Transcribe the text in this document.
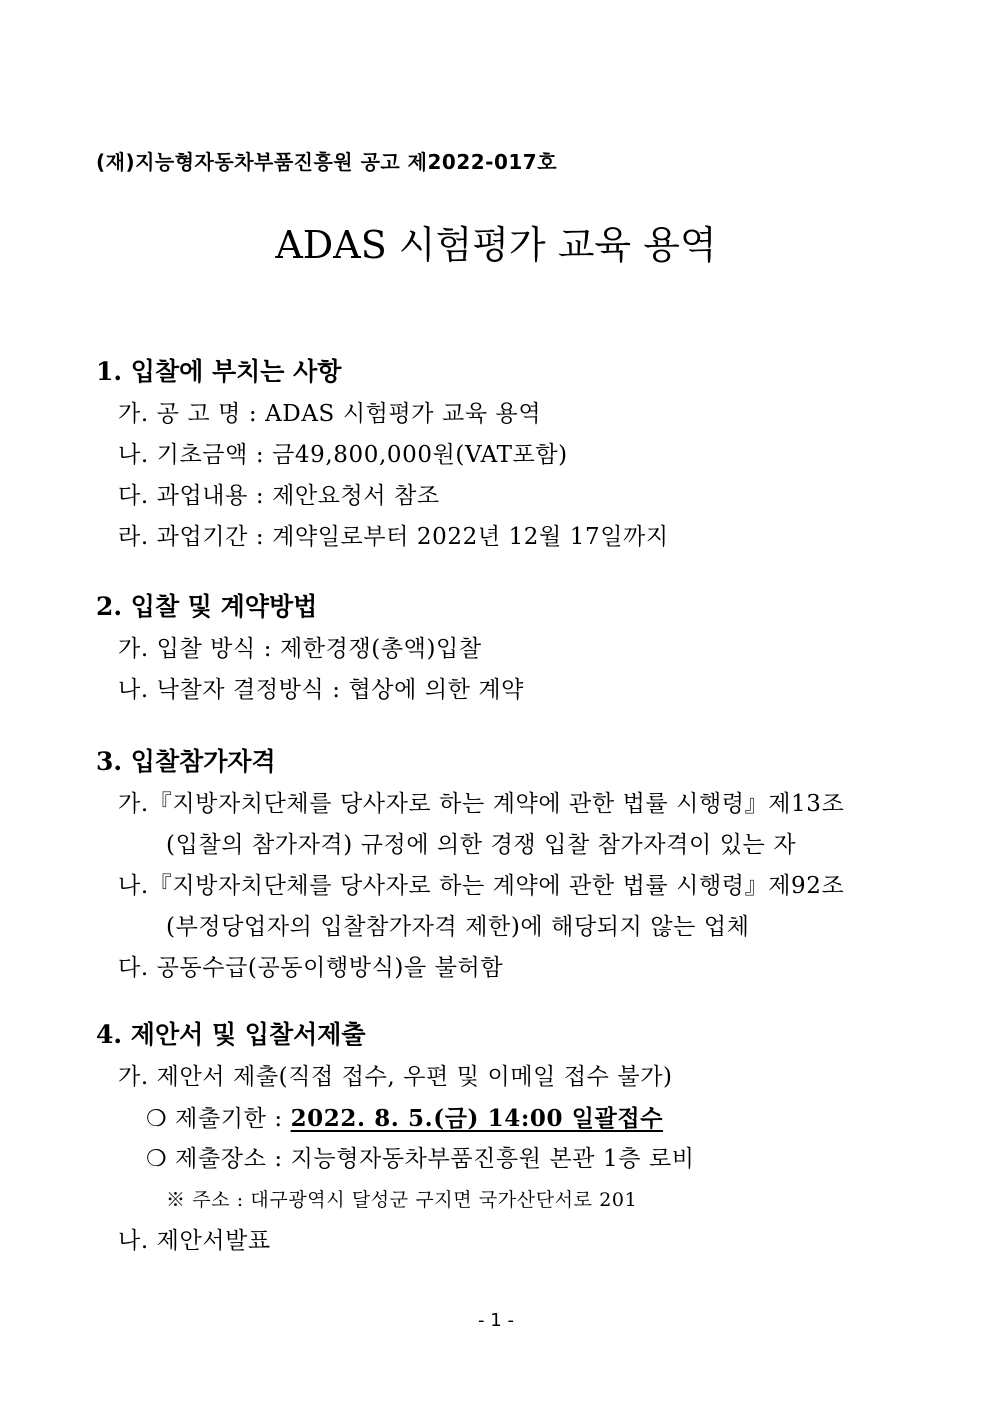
(재)지능형자동차부품진흥원 공고 제2022-017호
ADAS 시험평가 교육 용역
1. 입찰에 부치는 사항
가. 공 고 명 : ADAS 시험평가 교육 용역
나. 기초금액 : 금49,800,000원(VAT포함)
다. 과업내용 : 제안요청서 참조
라. 과업기간 : 계약일로부터 2022년 12월 17일까지
2. 입찰 및 계약방법
가. 입찰 방식 : 제한경쟁(총액)입찰
나. 낙찰자 결정방식 : 협상에 의한 계약
3. 입찰참가자격
가.『지방자치단체를 당사자로 하는 계약에 관한 법률 시행령』제13조
(입찰의 참가자격) 규정에 의한 경쟁 입찰 참가자격이 있는 자
나.『지방자치단체를 당사자로 하는 계약에 관한 법률 시행령』제92조
(부정당업자의 입찰참가자격 제한)에 해당되지 않는 업체
다. 공동수급(공동이행방식)을 불허함
4. 제안서 및 입찰서제출
가. 제안서 제출(직접 접수, 우편 및 이메일 접수 불가)
❍ 제출기한 : 2022. 8. 5.(금) 14:00 일괄접수
❍ 제출장소 : 지능형자동차부품진흥원 본관 1층 로비
※ 주소 : 대구광역시 달성군 구지면 국가산단서로 201
나. 제안서발표
- 1 -
